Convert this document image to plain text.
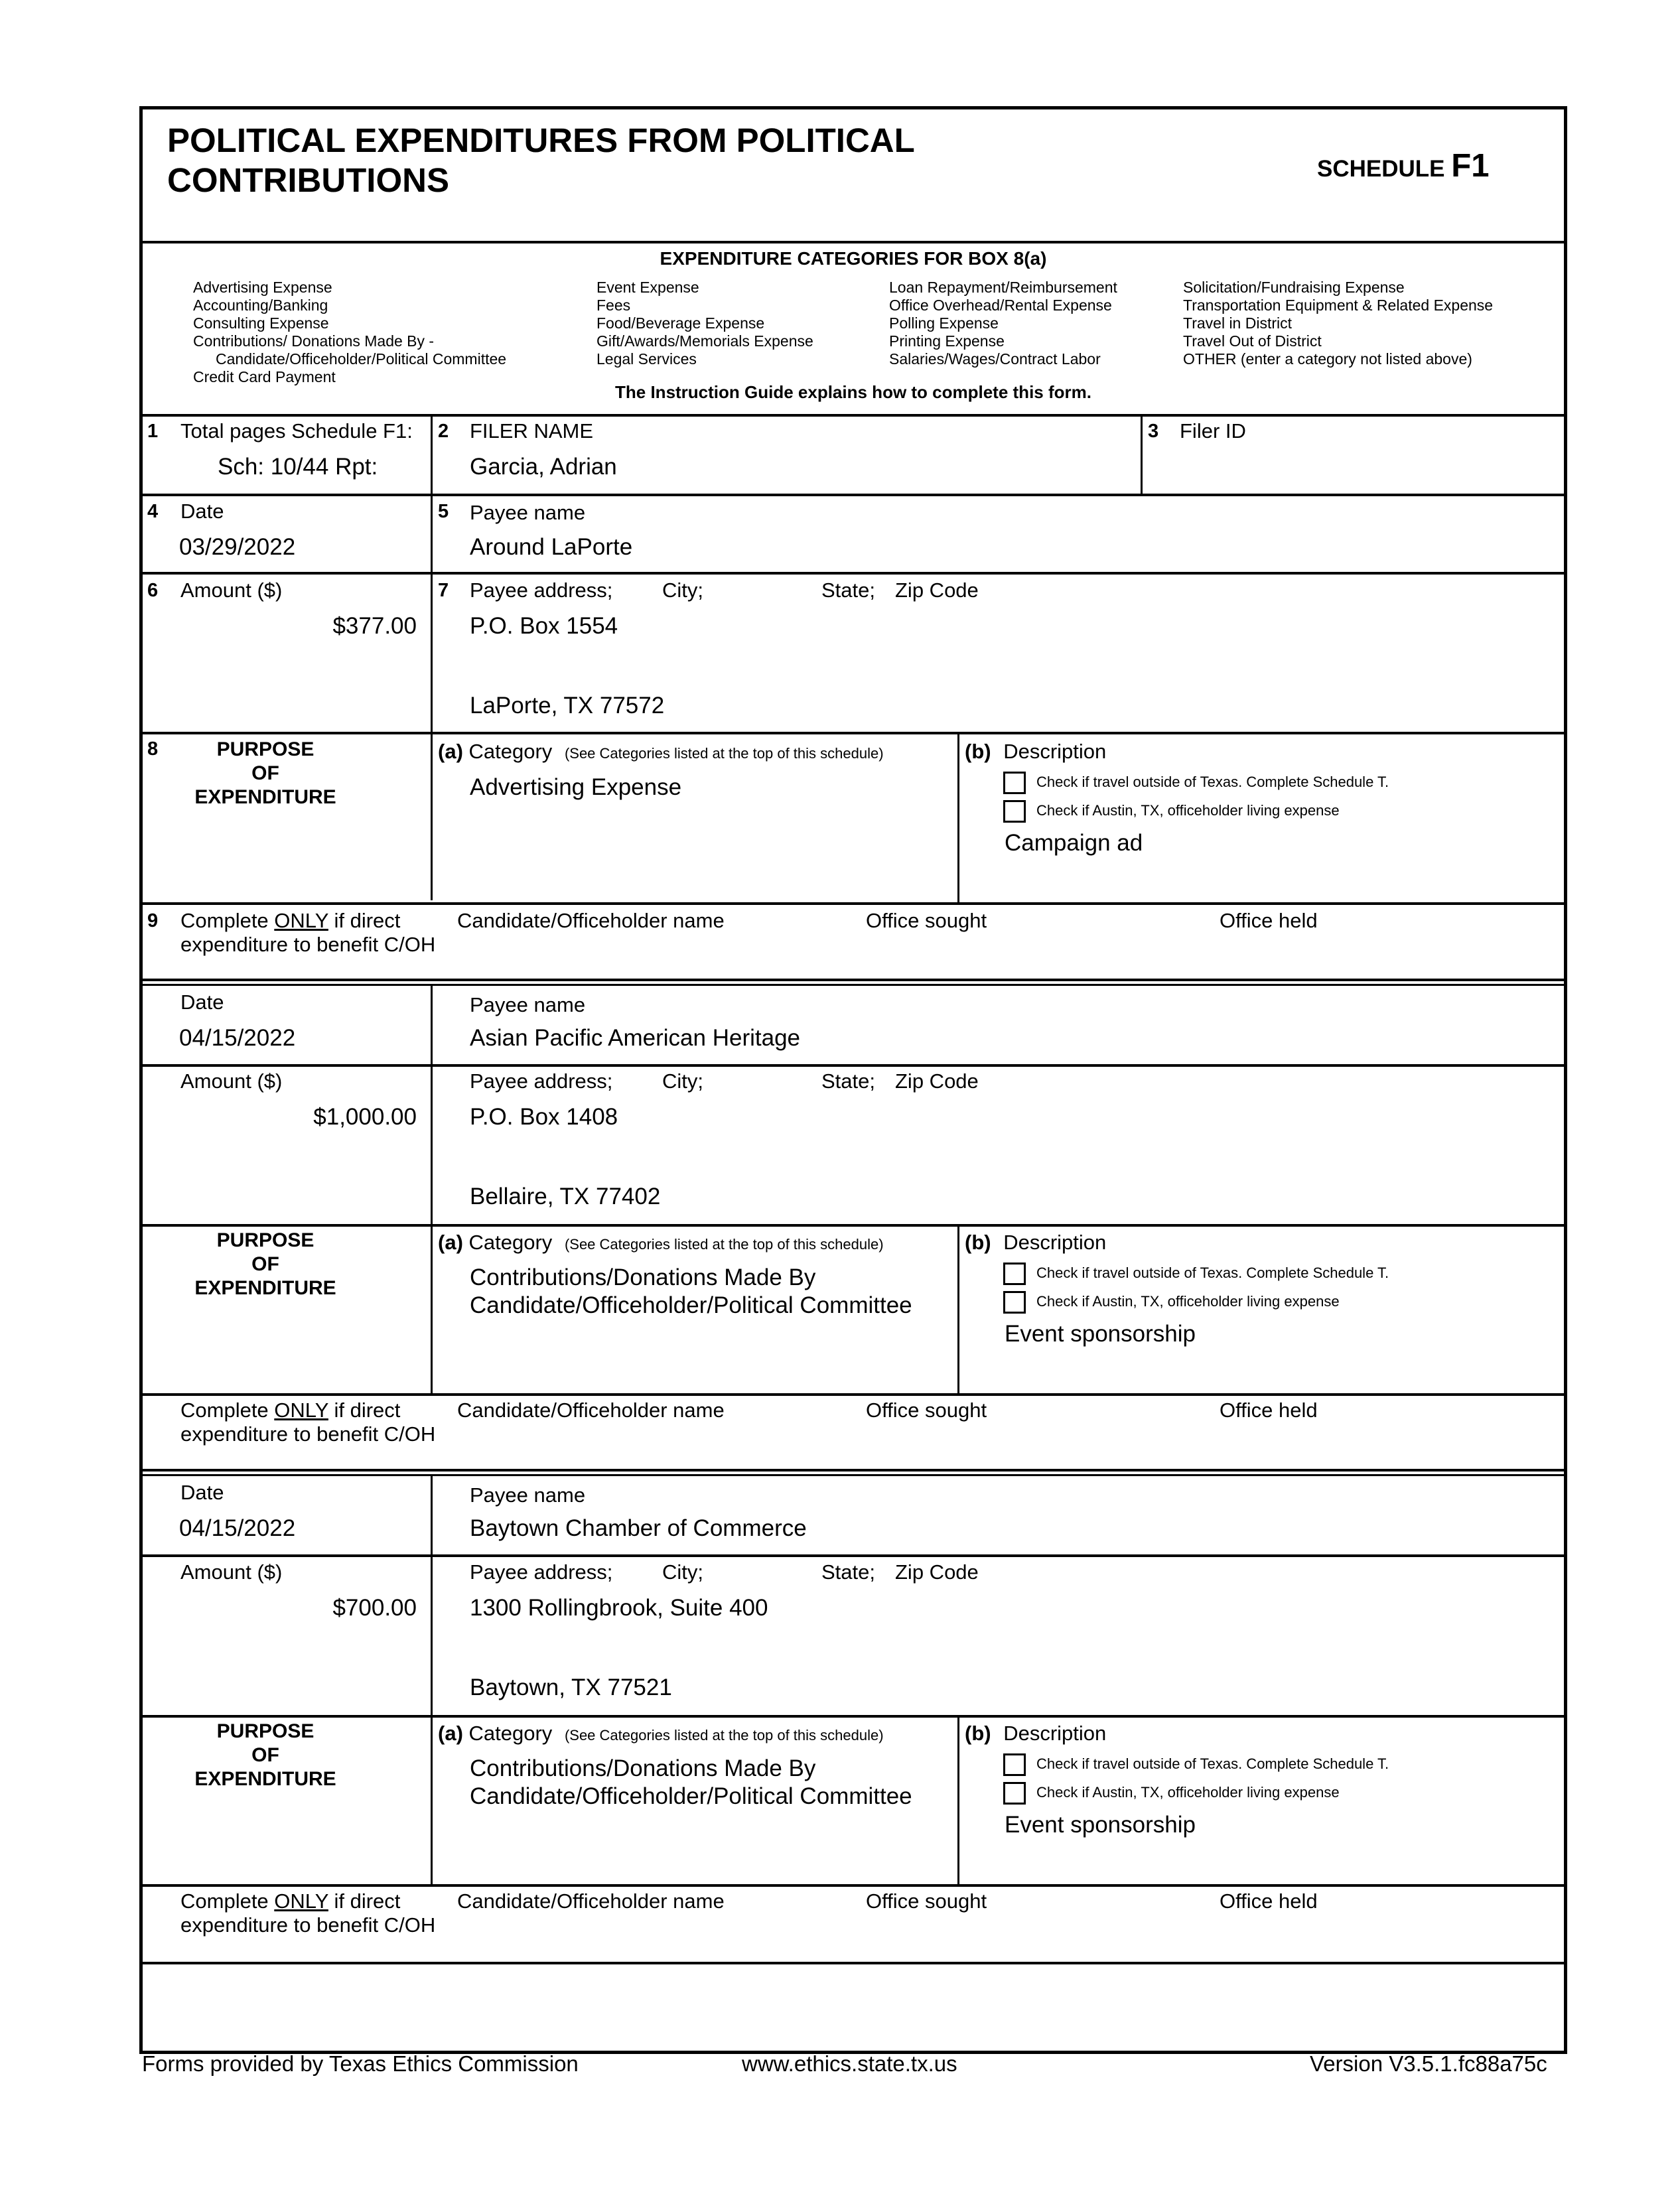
POLITICAL EXPENDITURES FROM POLITICAL
CONTRIBUTIONS	SCHEDULE F1
EXPENDITURE CATEGORIES FOR BOX 8(a)
Advertising Expense
Accounting/Banking
Consulting Expense
Contributions/ Donations Made By -
Candidate/Officeholder/Political Committee
Credit Card Payment
Event Expense
Fees
Food/Beverage Expense
Gift/Awards/Memorials Expense
Legal Services
Loan Repayment/Reimbursement
Office Overhead/Rental Expense
Polling Expense
Printing Expense
Salaries/Wages/Contract Labor
Solicitation/Fundraising Expense
Transportation Equipment & Related Expense
Travel in District
Travel Out of District
OTHER (enter a category not listed above)
The Instruction Guide explains how to complete this form.
1 Total pages Schedule F1:
Sch: 10/44 Rpt:
2 FILER NAME
Garcia, Adrian
3 Filer ID
4 Date
03/29/2022
5 Payee name
Around LaPorte
6 Amount ($)
$377.00
7 Payee address; City;	State; Zip Code
P.O. Box 1554
LaPorte, TX 77572
8	PURPOSE
OF
EXPENDITURE
(a) Category (See Categories listed at the top of this schedule)
Advertising Expense
(b) Description
Check if travel outside of Texas. Complete Schedule T.
Check if Austin, TX, officeholder living expense
Campaign ad
9 Complete ONLY if direct
expenditure to benefit C/OH
Candidate/Officeholder name	Office sought	Office held
Date
04/15/2022
Payee name
Asian Pacific American Heritage
Amount ($)
$1,000.00
Payee address; City;	State; Zip Code
P.O. Box 1408
Bellaire, TX 77402
PURPOSE
OF
EXPENDITURE
(a) Category (See Categories listed at the top of this schedule)
Contributions/Donations Made By
Candidate/Officeholder/Political Committee
(b) Description
Check if travel outside of Texas. Complete Schedule T.
Check if Austin, TX, officeholder living expense
Event sponsorship
Complete ONLY if direct
expenditure to benefit C/OH
Candidate/Officeholder name	Office sought	Office held
Date
04/15/2022
Payee name
Baytown Chamber of Commerce
Amount ($)
$700.00
Payee address; City;	State; Zip Code
1300 Rollingbrook, Suite 400
Baytown, TX 77521
PURPOSE
OF
EXPENDITURE
(a) Category (See Categories listed at the top of this schedule)
Contributions/Donations Made By
Candidate/Officeholder/Political Committee
(b) Description
Check if travel outside of Texas. Complete Schedule T.
Check if Austin, TX, officeholder living expense
Event sponsorship
Complete ONLY if direct
expenditure to benefit C/OH
Candidate/Officeholder name	Office sought	Office held
Forms provided by Texas Ethics Commission	www.ethics.state.tx.us	Version V3.5.1.fc88a75c
